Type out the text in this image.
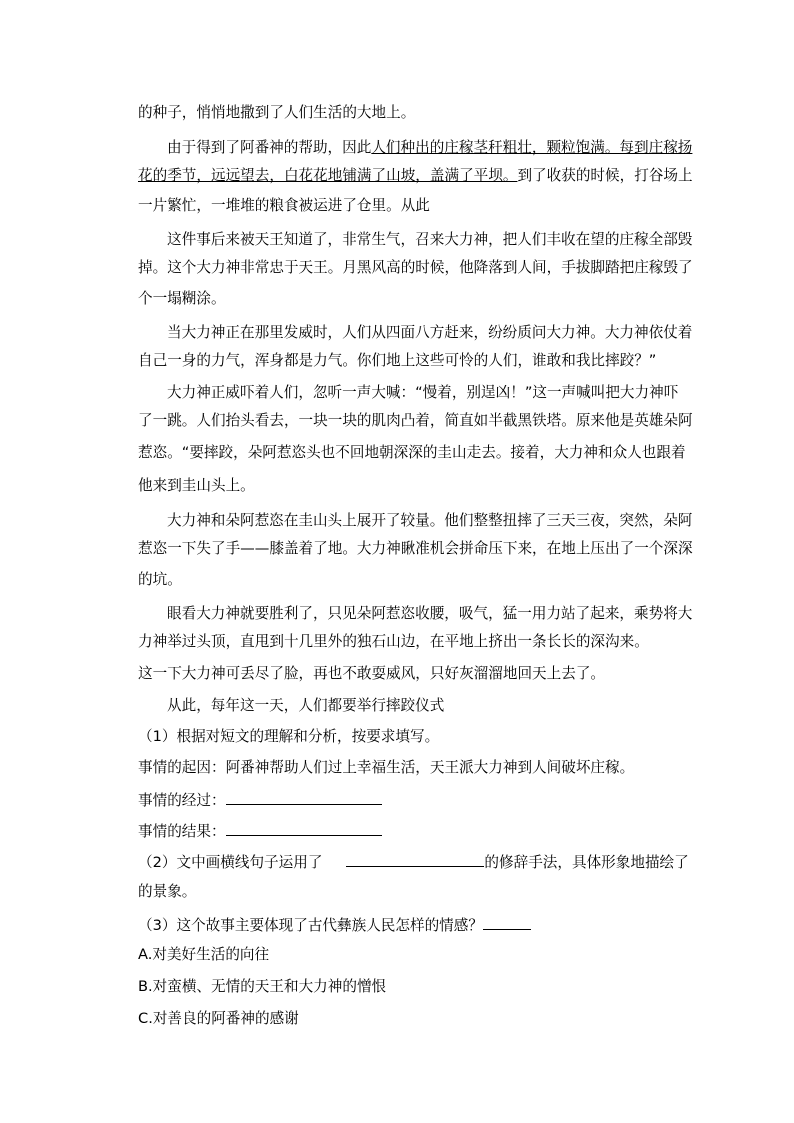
的种子，悄悄地撒到了人们生活的大地上。
由于得到了阿番神的帮助，因此人们种出的庄稼茎秆粗壮，颗粒饱满。每到庄稼扬
花的季节，远远望去，白花花地铺满了山坡，盖满了平坝。到了收获的时候，打谷场上
一片繁忙，一堆堆的粮食被运进了仓里。从此
这件事后来被天王知道了，非常生气，召来大力神，把人们丰收在望的庄稼全部毁
掉。这个大力神非常忠于天王。月黑风高的时候，他降落到人间，手拔脚踏把庄稼毁了
个一塌糊涂。
当大力神正在那里发威时，人们从四面八方赶来，纷纷质问大力神。大力神依仗着
自己一身的力气，浑身都是力气。你们地上这些可怜的人们，谁敢和我比摔跤？”
大力神正威吓着人们，忽听一声大喊：“慢着，别逞凶！”这一声喊叫把大力神吓
了一跳。人们抬头看去，一块一块的肌肉凸着，简直如半截黑铁塔。原来他是英雄朵阿
惹恣。“要摔跤，朵阿惹恣头也不回地朝深深的圭山走去。接着，大力神和众人也跟着
他来到圭山头上。
大力神和朵阿惹恣在圭山头上展开了较量。他们整整扭摔了三天三夜，突然，朵阿
惹恣一下失了手——膝盖着了地。大力神瞅准机会拼命压下来，在地上压出了一个深深
的坑。
眼看大力神就要胜利了，只见朵阿惹恣收腰，吸气，猛一用力站了起来，乘势将大
力神举过头顶，直甩到十几里外的独石山边，在平地上挤出一条长长的深沟来。
这一下大力神可丢尽了脸，再也不敢耍威风，只好灰溜溜地回天上去了。
从此，每年这一天，人们都要举行摔跤仪式
（1）根据对短文的理解和分析，按要求填写。
事情的起因：阿番神帮助人们过上幸福生活，天王派大力神到人间破坏庄稼。
事情的经过：
事情的结果：
（2）文中画横线句子运用了	的修辞手法，具体形象地描绘了
的景象。
（3）这个故事主要体现了古代彝族人民怎样的情感？
A.对美好生活的向往
B.对蛮横、无情的天王和大力神的憎恨
C.对善良的阿番神的感谢
